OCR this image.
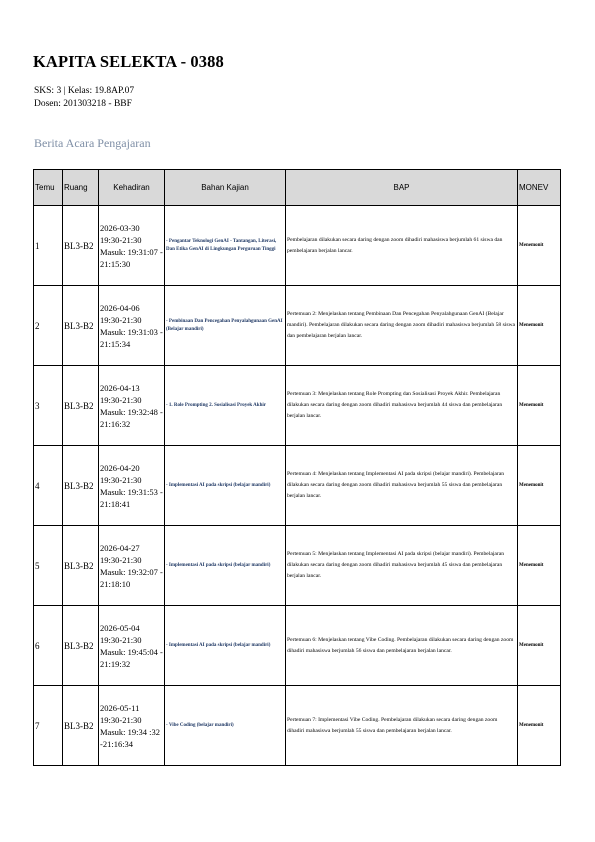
KAPITA SELEKTA - 0388
SKS: 3 | Kelas: 19.8AP.07
Dosen: 201303218 - BBF
Berita Acara Pengajaran
Temu	Ruang	Kehadiran	Bahan Kajian	BAP	MONEV
1	BL3-B2	2026-03-30 19:30-21:30 Masuk: 19:31:07 - 21:15:30	- Pengantar Teknologi GenAI - Tantangan, Literasi, Dan Etika GenAI di Lingkungan Perguruan Tinggi	Pembelajaran dilakukan secara daring dengan zoom dihadiri mahasiswa berjumlah 61 siswa dan pembelajaran berjalan lancar.	Menemonit
2	BL3-B2	2026-04-06 19:30-21:30 Masuk: 19:31:03 - 21:15:34	- Pembinaan Dan Pencegahan Penyalahgunaan GenAI (Belajar mandiri)	Pertemuan 2: Menjelaskan tentang Pembinaan Dan Pencegahan Penyalahgunaan GenAI (Belajar mandiri). Pembelajaran dilakukan secara daring dengan zoom dihadiri mahasiswa berjumlah 58 siswa dan pembelajaran berjalan lancar.	Menemonit
3	BL3-B2	2026-04-13 19:30-21:30 Masuk: 19:32:48 - 21:16:32	- 1. Role Prompting 2. Sosialisasi Proyek Akhir	Pertemuan 3: Menjelaskan tentang Role Prompting dan Sosialisasi Proyek Akhir. Pembelajaran dilakukan secara daring dengan zoom dihadiri mahasiswa berjumlah 44 siswa dan pembelajaran berjalan lancar.	Menemonit
4	BL3-B2	2026-04-20 19:30-21:30 Masuk: 19:31:53 - 21:18:41	- Implementasi AI pada skripsi (belajar mandiri)	Pertemuan 4: Menjelaskan tentang Implementasi AI pada skripsi (belajar mandiri). Pembelajaran dilakukan secara daring dengan zoom dihadiri mahasiswa berjumlah 55 siswa dan pembelajaran berjalan lancar.	Menemonit
5	BL3-B2	2026-04-27 19:30-21:30 Masuk: 19:32:07 - 21:18:10	- Implementasi AI pada skripsi (belajar mandiri)	Pertemuan 5: Menjelaskan tentang Implementasi AI pada skripsi (belajar mandiri). Pembelajaran dilakukan secara daring dengan zoom dihadiri mahasiswa berjumlah 45 siswa dan pembelajaran berjalan lancar.	Menemonit
6	BL3-B2	2026-05-04 19:30-21:30 Masuk: 19:45:04 - 21:19:32	- Implementasi AI pada skripsi (belajar mandiri)	Pertemuan 6: Menjelaskan tentang Vibe Coding. Pembelajaran dilakukan secara daring dengan zoom dihadiri mahasiswa berjumlah 56 siswa dan pembelajaran berjalan lancar.	Menemonit
7	BL3-B2	2026-05-11 19:30-21:30 Masuk: 19:34 :32 -21:16:34	- Vibe Coding (belajar mandiri)	Pertemuan 7: Implementasi Vibe Coding. Pembelajaran dilakukan secara daring dengan zoom dihadiri mahasiswa berjumlah 55 siswa dan pembelajaran berjalan lancar.	Menemonit
